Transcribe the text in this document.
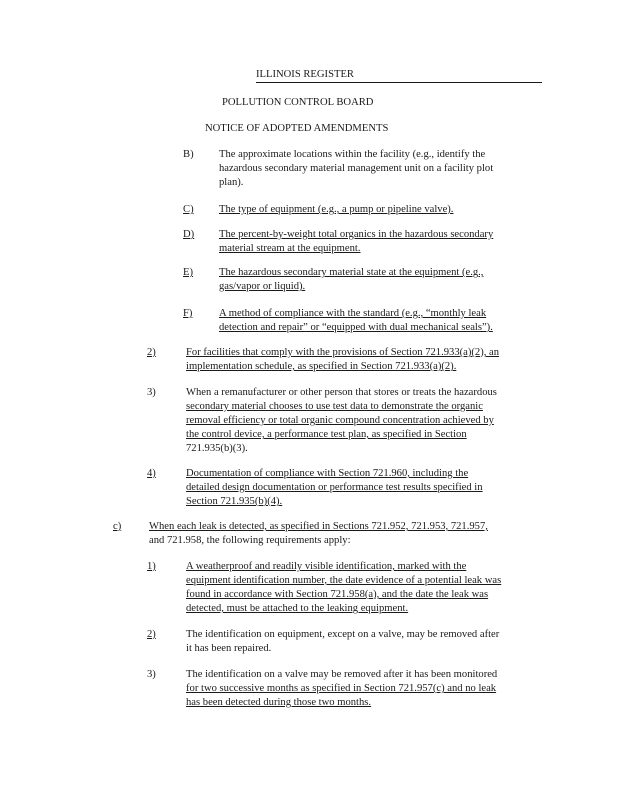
ILLINOIS REGISTER
POLLUTION CONTROL BOARD
NOTICE OF ADOPTED AMENDMENTS
B) The approximate locations within the facility (e.g., identify the
hazardous secondary material management unit on a facility plot
plan).
C) The type of equipment (e.g., a pump or pipeline valve).
D) The percent-by-weight total organics in the hazardous secondary
material stream at the equipment.
E) The hazardous secondary material state at the equipment (e.g.,
gas/vapor or liquid).
F)	A method of compliance with the standard (e.g., “monthly leak
detection and repair” or “equipped with dual mechanical seals”).
2)	For facilities that comply with the provisions of Section 721.933(a)(2), an
implementation schedule, as specified in Section 721.933(a)(2).
3)	When a remanufacturer or other person that stores or treats the hazardous
secondary material chooses to use test data to demonstrate the organic
removal efficiency or total organic compound concentration achieved by
the control device, a performance test plan, as specified in Section
721.935(b)(3).
4)	Documentation of compliance with Section 721.960, including the
detailed design documentation or performance test results specified in
Section 721.935(b)(4).
c)	When each leak is detected, as specified in Sections 721.952, 721.953, 721.957,
and 721.958, the following requirements apply:
1)	A weatherproof and readily visible identification, marked with the
equipment identification number, the date evidence of a potential leak was
found in accordance with Section 721.958(a), and the date the leak was
detected, must be attached to the leaking equipment.
2)	The identification on equipment, except on a valve, may be removed after
it has been repaired.
3)	The identification on a valve may be removed after it has been monitored
for two successive months as specified in Section 721.957(c) and no leak
has been detected during those two months.
